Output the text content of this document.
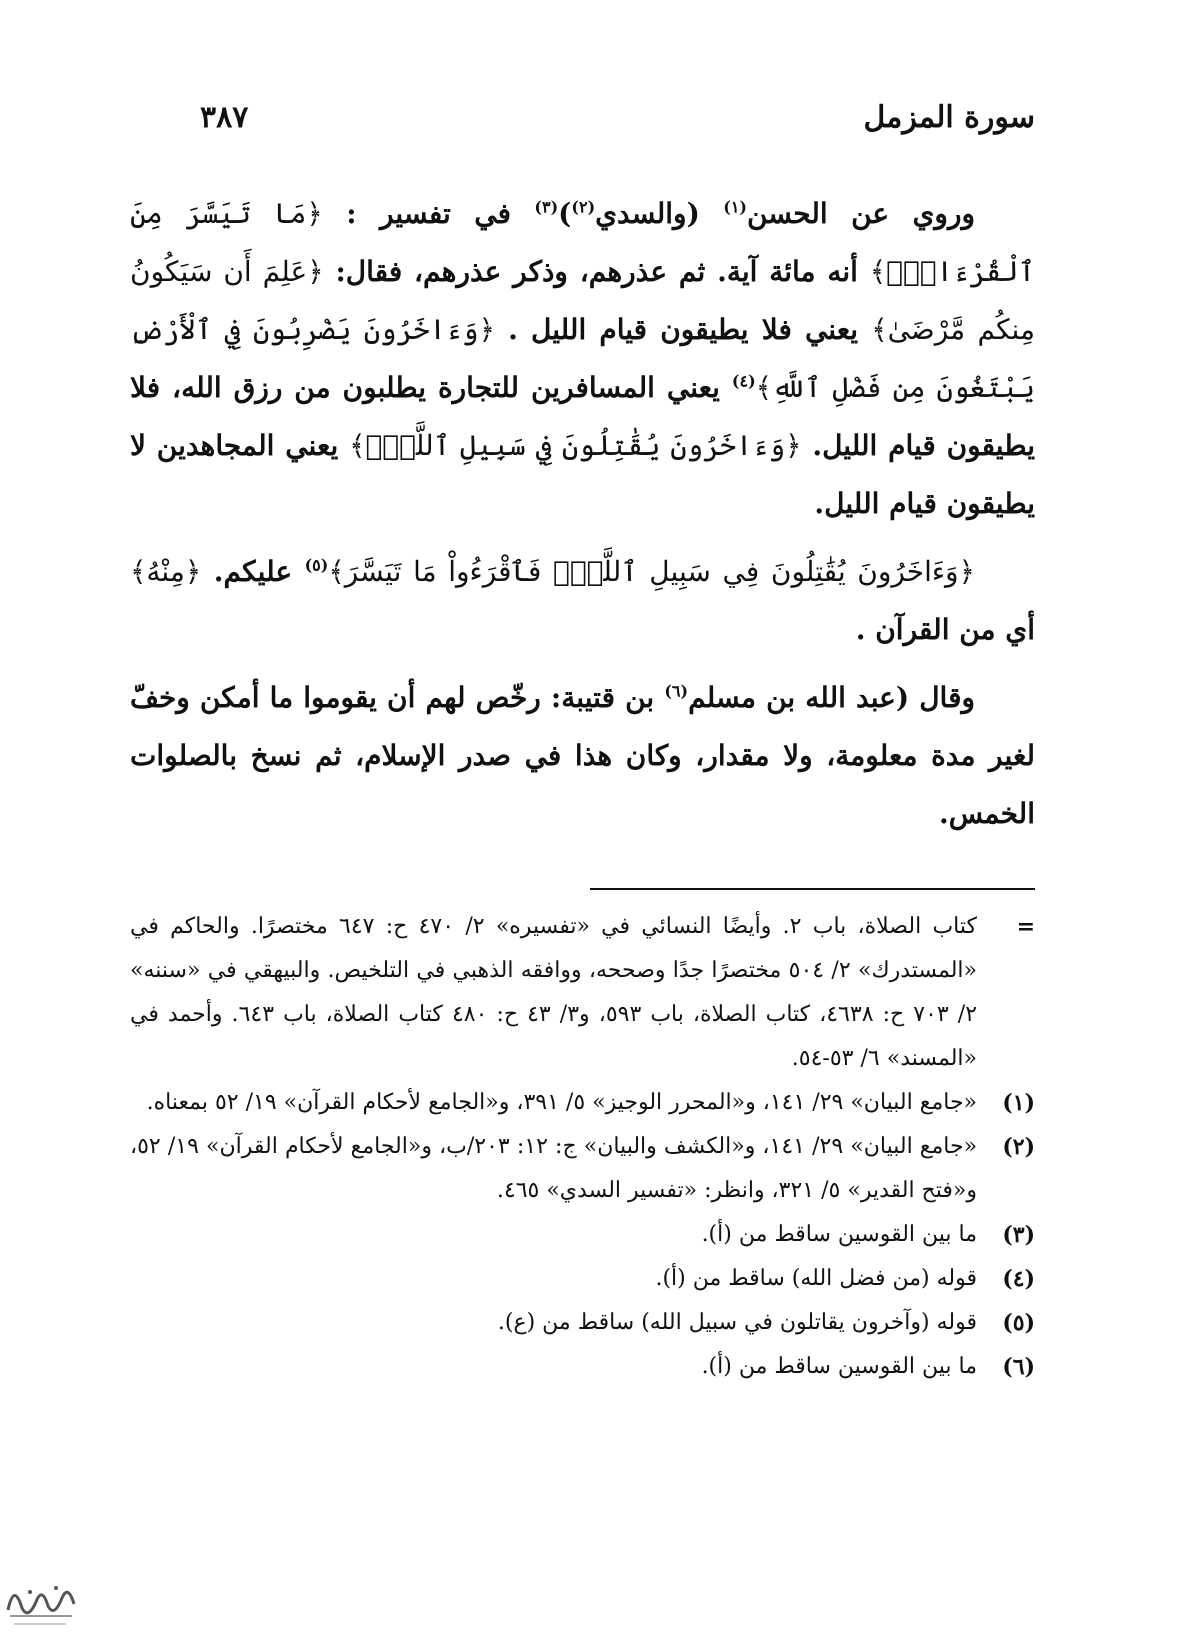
سورة المزمل
٣٨٧

وروي عن الحسن$^{(١)}$ (والسدي$^{(٢)}$)$^{(٣)}$ في تفسير : ﴿مَا تَيَسَّرَ مِنَ ٱلْقُرْءَانِۚ﴾ أنه مائة آية. ثم عذرهم، وذكر عذرهم، فقال: ﴿عَلِمَ أَن سَيَكُونُ مِنكُم مَّرْضَىٰ﴾ يعني فلا يطيقون قيام الليل . ﴿وَءَاخَرُونَ يَضْرِبُونَ فِي ٱلْأَرْضِ يَبْتَغُونَ مِن فَضْلِ ٱللَّهِ﴾$^{(٤)}$ يعني المسافرين للتجارة يطلبون من رزق الله، فلا يطيقون قيام الليل. ﴿وَءَاخَرُونَ يُقَٰتِلُونَ فِي سَبِيلِ ٱللَّهِۖ﴾ يعني المجاهدين لا يطيقون قيام الليل.

﴿وَءَاخَرُونَ يُقَٰتِلُونَ فِي سَبِيلِ ٱللَّهِۖ فَٱقْرَءُواْ مَا تَيَسَّرَ﴾$^{(٥)}$ عليكم. ﴿مِنْهُ﴾ أي من القرآن .

وقال (عبد الله بن مسلم$^{(٦)}$ بن قتيبة: رخّص لهم أن يقوموا ما أمكن وخفّ لغير مدة معلومة، ولا مقدار، وكان هذا في صدر الإسلام، ثم نسخ بالصلوات الخمس.

=
كتاب الصلاة، باب ٢. وأيضًا النسائي في «تفسيره» ٢/ ٤٧٠ ح: ٦٤٧ مختصرًا. والحاكم في «المستدرك» ٢/ ٥٠٤ مختصرًا جدًا وصححه، ووافقه الذهبي في التلخيص. والبيهقي في «سننه» ٢/ ٧٠٣ ح: ٤٦٣٨، كتاب الصلاة، باب ٥٩٣، و٣/ ٤٣ ح: ٤٨٠ كتاب الصلاة، باب ٦٤٣. وأحمد في «المسند» ٦/ ٥٣-٥٤.
(١)
«جامع البيان» ٢٩/ ١٤١، و«المحرر الوجيز» ٥/ ٣٩١، و«الجامع لأحكام القرآن» ١٩/ ٥٢ بمعناه.
(٢)
«جامع البيان» ٢٩/ ١٤١، و«الكشف والبيان» ج: ١٢: ٢٠٣/ب، و«الجامع لأحكام القرآن» ١٩/ ٥٢، و«فتح القدير» ٥/ ٣٢١، وانظر: «تفسير السدي» ٤٦٥.
(٣)
ما بين القوسين ساقط من (أ).
(٤)
قوله (من فضل الله) ساقط من (أ).
(٥)
قوله (وآخرون يقاتلون في سبيل الله) ساقط من (ع).
(٦)
ما بين القوسين ساقط من (أ).
